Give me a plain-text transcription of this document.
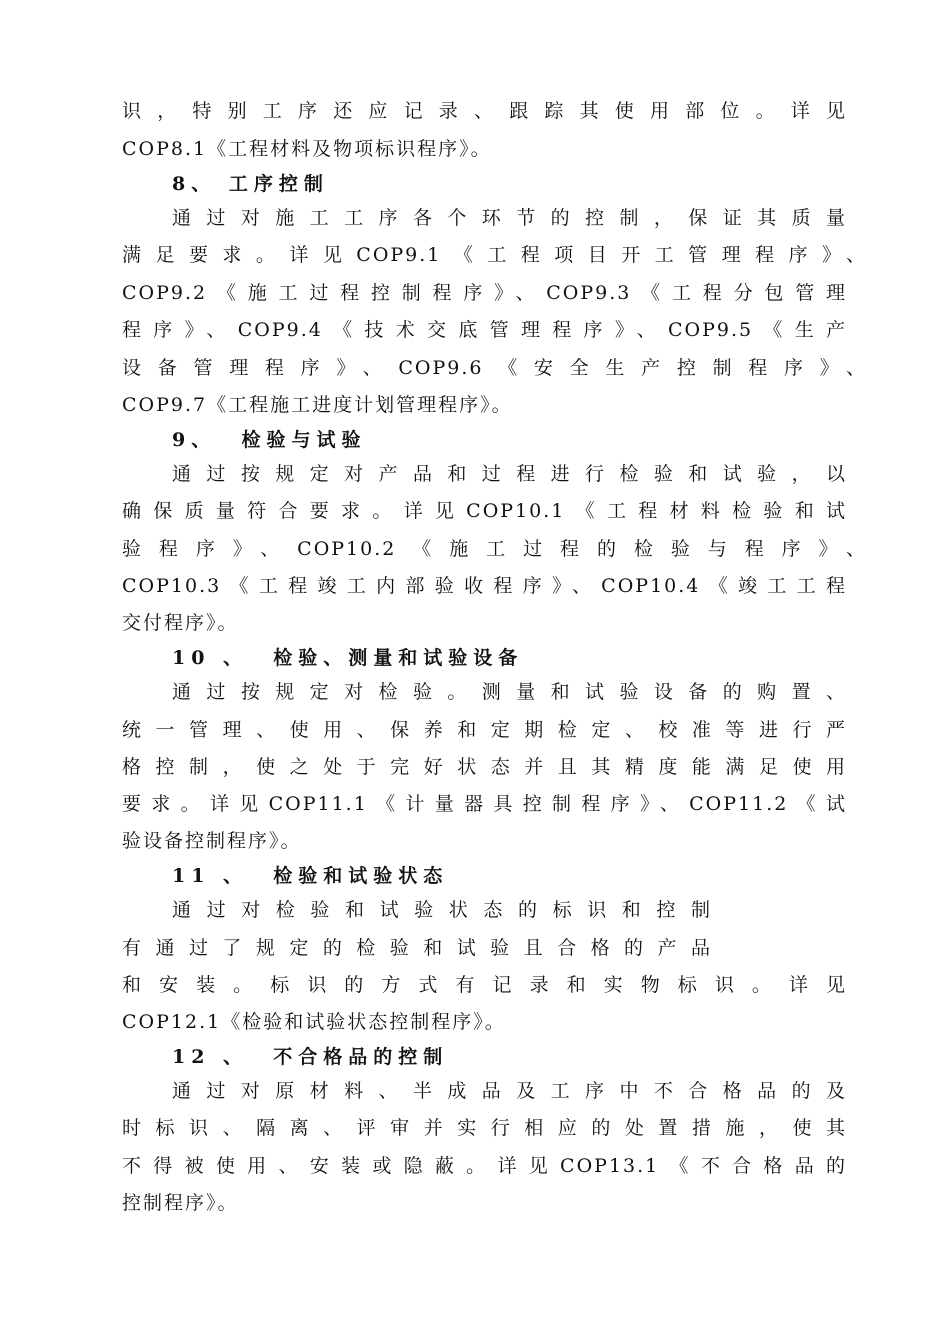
识，特别工序还应记录、跟踪其使用部位。详见
COP8.1《工程材料及物项标识程序》。
8、 工序控制
通过对施工工序各个环节的控制，保证其质量
满足要求。详见COP9.1《工程项目开工管理程序》、
COP9.2《施工过程控制程序》、COP9.3《工程分包管理
程序》、COP9.4《技术交底管理程序》、COP9.5《生产
设备管理程序》、COP9.6《安全生产控制程序》、
COP9.7《工程施工进度计划管理程序》。
9、  检验与试验
通过按规定对产品和过程进行检验和试验，以
确保质量符合要求。详见COP10.1《工程材料检验和试
验程序》、COP10.2《施工过程的检验与程序》、
COP10.3《工程竣工内部验收程序》、COP10.4《竣工工程
交付程序》。
10 、  检验、测量和试验设备
通过按规定对检验。测量和试验设备的购置、
统一管理、使用、保养和定期检定、校准等进行严
格控制，使之处于完好状态并且其精度能满足使用
要求。详见COP11.1《计量器具控制程序》、COP11.2《试
验设备控制程序》。
11 、  检验和试验状态
通过对检验和试验状态的标识和控制
有通过了规定的检验和试验且合格的产品
和安装。标识的方式有记录和实物标识。详见
COP12.1《检验和试验状态控制程序》。
12 、  不合格品的控制
通过对原材料、半成品及工序中不合格品的及
时标识、隔离、评审并实行相应的处置措施，使其
不得被使用、安装或隐蔽。详见COP13.1《不合格品的
控制程序》。
